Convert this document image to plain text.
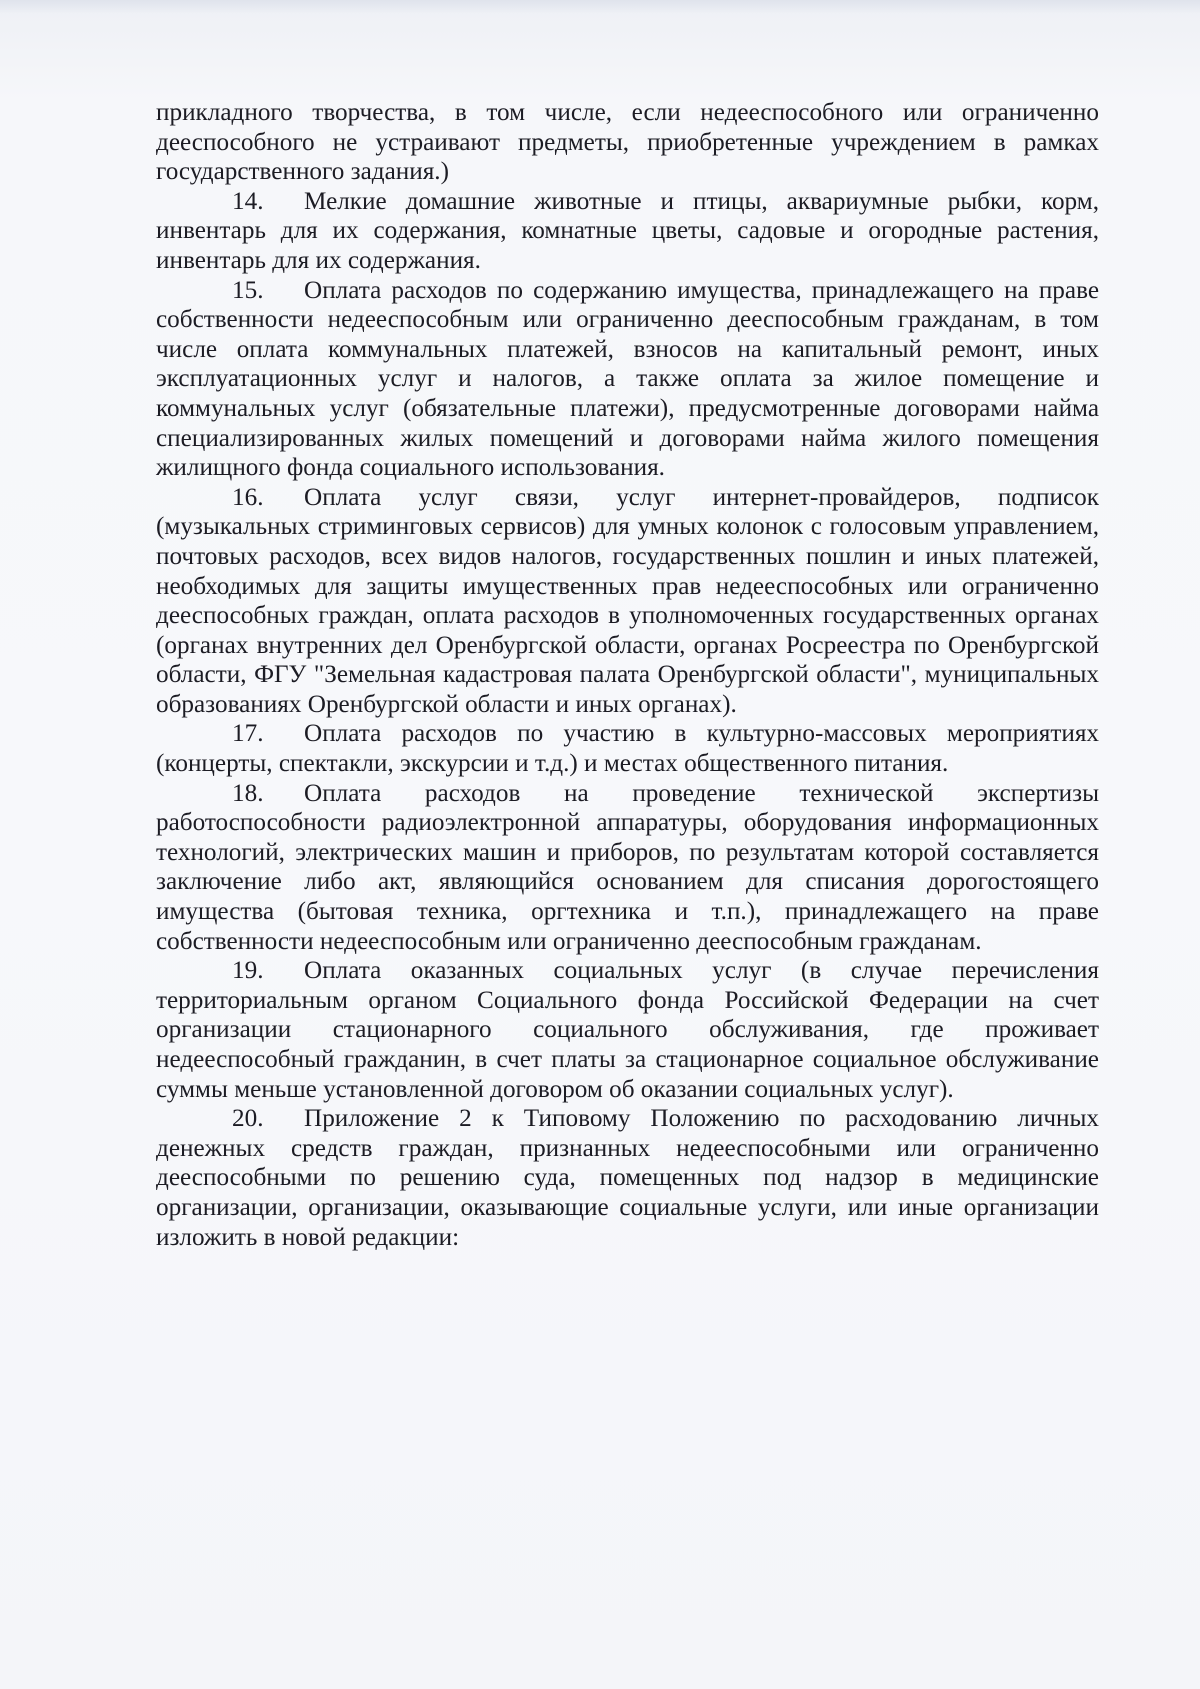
прикладного творчества, в том числе, если недееспособного или ограниченно дееспособного не устраивают предметы, приобретенные учреждением в рамках государственного задания.)

14. Мелкие домашние животные и птицы, аквариумные рыбки, корм, инвентарь для их содержания, комнатные цветы, садовые и огородные растения, инвентарь для их содержания.

15. Оплата расходов по содержанию имущества, принадлежащего на праве собственности недееспособным или ограниченно дееспособным гражданам, в том числе оплата коммунальных платежей, взносов на капитальный ремонт, иных эксплуатационных услуг и налогов, а также оплата за жилое помещение и коммунальных услуг (обязательные платежи), предусмотренные договорами найма специализированных жилых помещений и договорами найма жилого помещения жилищного фонда социального использования.

16. Оплата услуг связи, услуг интернет-провайдеров, подписок (музыкальных стриминговых сервисов) для умных колонок с голосовым управлением, почтовых расходов, всех видов налогов, государственных пошлин и иных платежей, необходимых для защиты имущественных прав недееспособных или ограниченно дееспособных граждан, оплата расходов в уполномоченных государственных органах (органах внутренних дел Оренбургской области, органах Росреестра по Оренбургской области, ФГУ "Земельная кадастровая палата Оренбургской области", муниципальных образованиях Оренбургской области и иных органах).

17. Оплата расходов по участию в культурно-массовых мероприятиях (концерты, спектакли, экскурсии и т.д.) и местах общественного питания.

18. Оплата расходов на проведение технической экспертизы работоспособности радиоэлектронной аппаратуры, оборудования информационных технологий, электрических машин и приборов, по результатам которой составляется заключение либо акт, являющийся основанием для списания дорогостоящего имущества (бытовая техника, оргтехника и т.п.), принадлежащего на праве собственности недееспособным или ограниченно дееспособным гражданам.

19. Оплата оказанных социальных услуг (в случае перечисления территориальным органом Социального фонда Российской Федерации на счет организации стационарного социального обслуживания, где проживает недееспособный гражданин, в счет платы за стационарное социальное обслуживание суммы меньше установленной договором об оказании социальных услуг).

20. Приложение 2 к Типовому Положению по расходованию личных денежных средств граждан, признанных недееспособными или ограниченно дееспособными по решению суда, помещенных под надзор в медицинские организации, организации, оказывающие социальные услуги, или иные организации изложить в новой редакции:
